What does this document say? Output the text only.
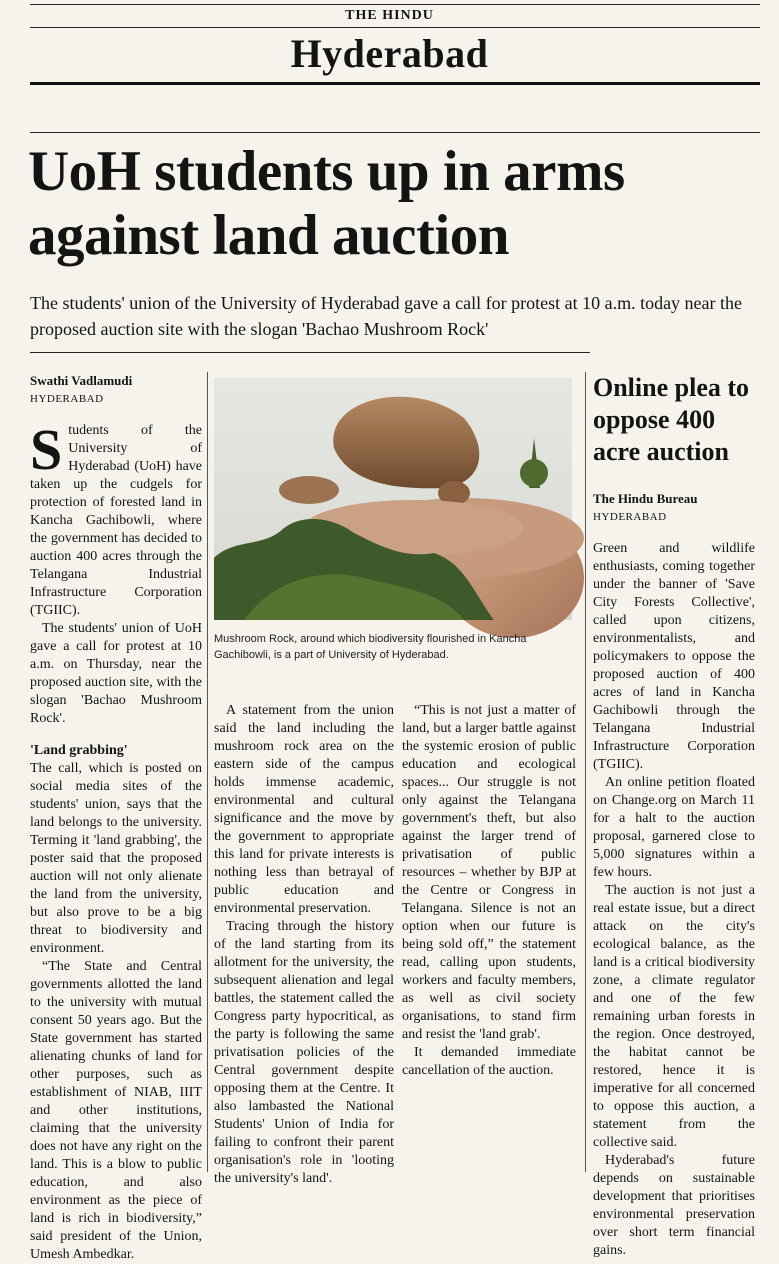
THE HINDU
Hyderabad
UoH students up in arms against land auction
The students' union of the University of Hyderabad gave a call for protest at 10 a.m. today near the proposed auction site with the slogan 'Bachao Mushroom Rock'

Swathi Vadlamudi

HYDERABAD

Students of the University of Hyderabad (UoH) have taken up the cudgels for protection of forested land in Kancha Gachibowli, where the government has decided to auction 400 acres through the Telangana Industrial Infrastructure Corporation (TGIIC).

The students' union of UoH gave a call for protest at 10 a.m. on Thursday, near the proposed auction site, with the slogan 'Bachao Mushroom Rock'.

'Land grabbing'

The call, which is posted on social media sites of the students' union, says that the land belongs to the university. Terming it 'land grabbing', the poster said that the proposed auction will not only alienate the land from the university, but also prove to be a big threat to biodiversity and environment.

“The State and Central governments allotted the land to the university with mutual consent 50 years ago. But the State government has started alienating chunks of land for other purposes, such as establishment of NIAB, IIIT and other institutions, claiming that the university does not have any right on the land. This is a blow to public education, and also environment as the piece of land is rich in biodiversity,” said president of the Union, Umesh Ambedkar.

Mushroom Rock, around which biodiversity flourished in Kancha Gachibowli, is a part of University of Hyderabad.

A statement from the union said the land including the mushroom rock area on the eastern side of the campus holds immense academic, environmental and cultural significance and the move by the government to appropriate this land for private interests is nothing less than betrayal of public education and environmental preservation.

Tracing through the history of the land starting from its allotment for the university, the subsequent alienation and legal battles, the statement called the Congress party hypocritical, as the party is following the same privatisation policies of the Central government despite opposing them at the Centre. It also lambasted the National Students' Union of India for failing to confront their parent organisation's role in 'looting the university's land'.

“This is not just a matter of land, but a larger battle against the systemic erosion of public education and ecological spaces... Our struggle is not only against the Telangana government's theft, but also against the larger trend of privatisation of public resources – whether by BJP at the Centre or Congress in Telangana. Silence is not an option when our future is being sold off,” the statement read, calling upon students, workers and faculty members, as well as civil society organisations, to stand firm and resist the 'land grab'.

It demanded immediate cancellation of the auction.

Online plea to oppose 400 acre auction

The Hindu Bureau

HYDERABAD

Green and wildlife enthusiasts, coming together under the banner of 'Save City Forests Collective', called upon citizens, environmentalists, and policymakers to oppose the proposed auction of 400 acres of land in Kancha Gachibowli through the Telangana Industrial Infrastructure Corporation (TGIIC).

An online petition floated on Change.org on March 11 for a halt to the auction proposal, garnered close to 5,000 signatures within a few hours.

The auction is not just a real estate issue, but a direct attack on the city's ecological balance, as the land is a critical biodiversity zone, a climate regulator and one of the few remaining urban forests in the region. Once destroyed, the habitat cannot be restored, hence it is imperative for all concerned to oppose this auction, a statement from the collective said.

Hyderabad's future depends on sustainable development that prioritises environmental preservation over short term financial gains.
